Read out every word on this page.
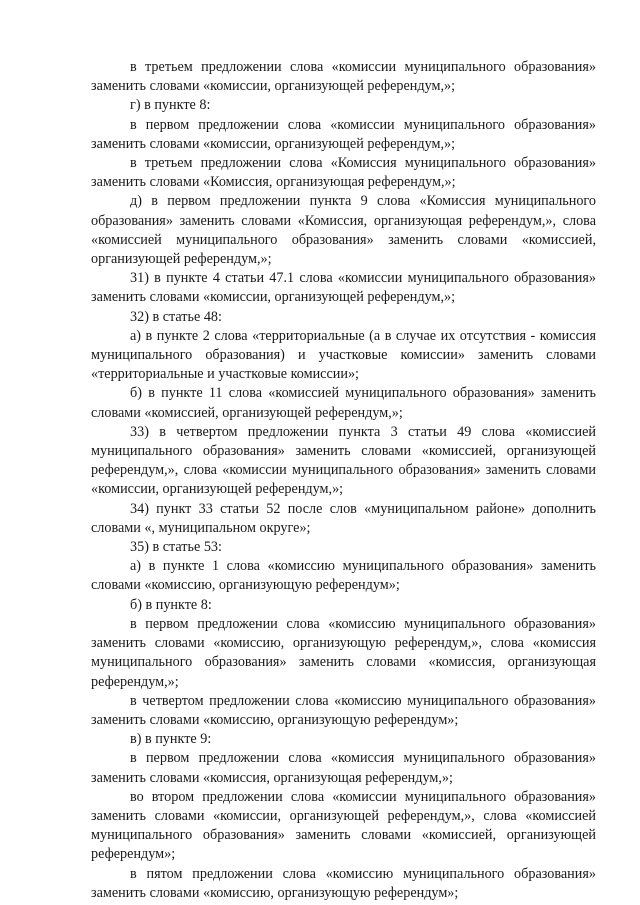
в третьем предложении слова «комиссии муниципального образования» заменить словами «комиссии, организующей референдум,»;

г) в пункте 8:

в первом предложении слова «комиссии муниципального образования» заменить словами «комиссии, организующей референдум,»;

в третьем предложении слова «Комиссия муниципального образования» заменить словами «Комиссия, организующая референдум,»;

д) в первом предложении пункта 9 слова «Комиссия муниципального образования» заменить словами «Комиссия, организующая референдум,», слова «комиссией муниципального образования» заменить словами «комиссией, организующей референдум,»;

31) в пункте 4 статьи 47.1 слова «комиссии муниципального образования» заменить словами «комиссии, организующей референдум,»;

32) в статье 48:

а) в пункте 2 слова «территориальные (а в случае их отсутствия - комиссия муниципального образования) и участковые комиссии» заменить словами «территориальные и участковые комиссии»;

б) в пункте 11 слова «комиссией муниципального образования» заменить словами «комиссией, организующей референдум,»;

33) в четвертом предложении пункта 3 статьи 49 слова «комиссией муниципального образования» заменить словами «комиссией, организующей референдум,», слова «комиссии муниципального образования» заменить словами «комиссии, организующей референдум,»;

34) пункт 33 статьи 52 после слов «муниципальном районе» дополнить словами «, муниципальном округе»;

35) в статье 53:

а) в пункте 1 слова «комиссию муниципального образования» заменить словами «комиссию, организующую референдум»;

б) в пункте 8:

в первом предложении слова «комиссию муниципального образования» заменить словами «комиссию, организующую референдум,», слова «комиссия муниципального образования» заменить словами «комиссия, организующая референдум,»;

в четвертом предложении слова «комиссию муниципального образования» заменить словами «комиссию, организующую референдум»;

в) в пункте 9:

в первом предложении слова «комиссия муниципального образования» заменить словами «комиссия, организующая референдум,»;

во втором предложении слова «комиссии муниципального образования» заменить словами «комиссии, организующей референдум,», слова «комиссией муниципального образования» заменить словами «комиссией, организующей референдум»;

в пятом предложении слова «комиссию муниципального образования» заменить словами «комиссию, организующую референдум»;
